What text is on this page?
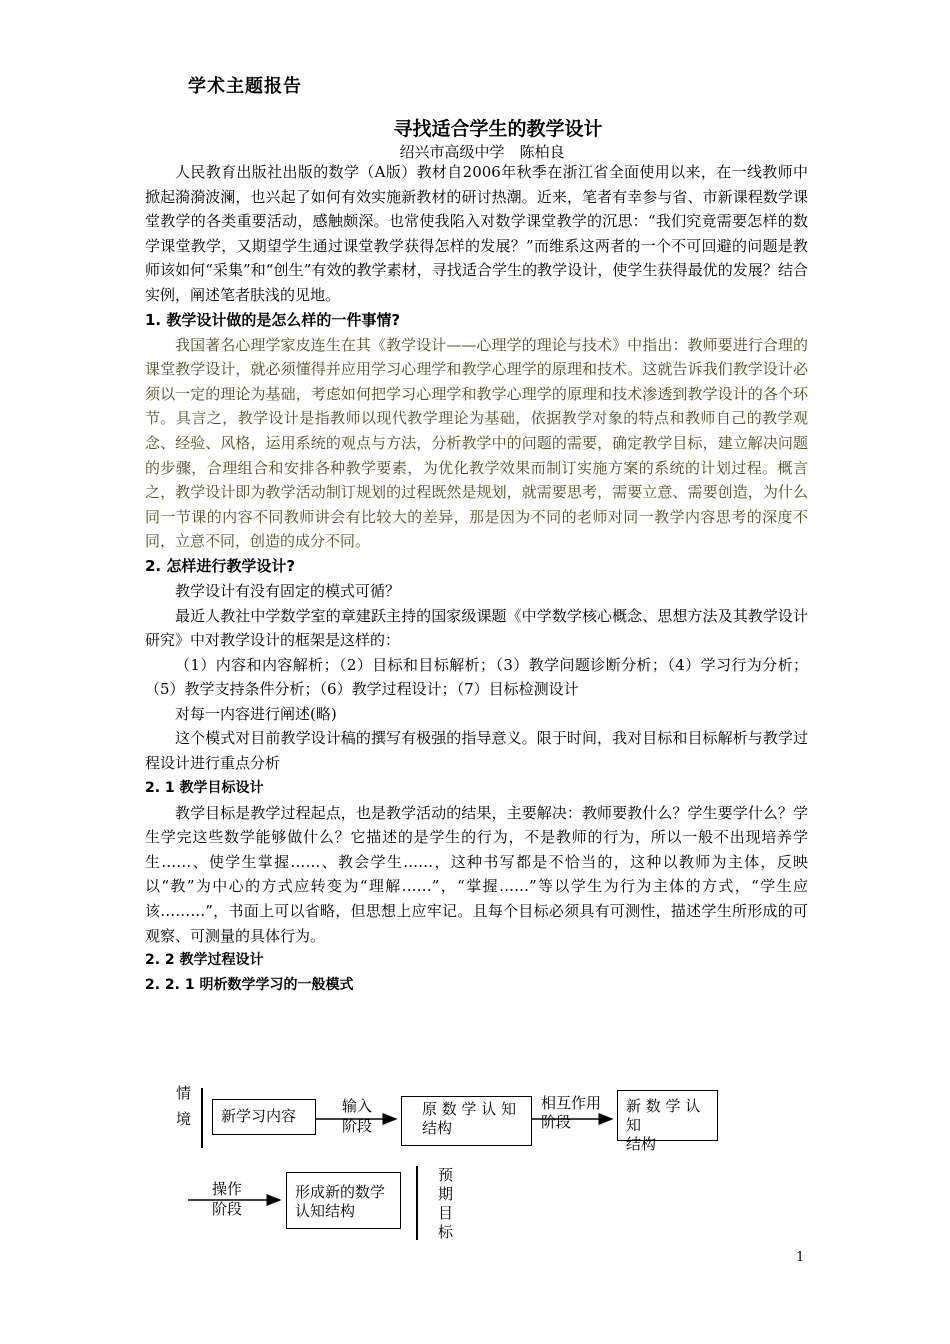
学术主题报告
寻找适合学生的教学设计
绍兴市高级中学　陈柏良

人民教育出版社出版的数学（A版）教材自2006年秋季在浙江省全面使用以来，在一线教师中掀起漪漪波澜，也兴起了如何有效实施新教材的研讨热潮。近来，笔者有幸参与省、市新课程数学课堂教学的各类重要活动，感触颇深。也常使我陷入对数学课堂教学的沉思：“我们究竟需要怎样的数学课堂教学，又期望学生通过课堂教学获得怎样的发展？”而维系这两者的一个不可回避的问题是教师该如何“采集”和“创生”有效的教学素材，寻找适合学生的教学设计，使学生获得最优的发展？结合实例，阐述笔者肤浅的见地。

1. 教学设计做的是怎么样的一件事情?

我国著名心理学家皮连生在其《教学设计——心理学的理论与技术》中指出：教师要进行合理的课堂教学设计，就必须懂得并应用学习心理学和教学心理学的原理和技术。这就告诉我们教学设计必须以一定的理论为基础，考虑如何把学习心理学和教学心理学的原理和技术渗透到教学设计的各个环节。具言之，教学设计是指教师以现代教学理论为基础，依据教学对象的特点和教师自己的教学观念、经验、风格，运用系统的观点与方法，分析教学中的问题的需要，确定教学目标，建立解决问题的步骤，合理组合和安排各种教学要素，为优化教学效果而制订实施方案的系统的计划过程。概言之，教学设计即为教学活动制订规划的过程既然是规划，就需要思考，需要立意、需要创造，为什么同一节课的内容不同教师讲会有比较大的差异，那是因为不同的老师对同一教学内容思考的深度不同，立意不同，创造的成分不同。

2. 怎样进行教学设计?

教学设计有没有固定的模式可循？

最近人教社中学数学室的章建跃主持的国家级课题《中学数学核心概念、思想方法及其教学设计研究》中对教学设计的框架是这样的：

（1）内容和内容解析；（2）目标和目标解析；（3）教学问题诊断分析；（4）学习行为分析；（5）教学支持条件分析；（6）教学过程设计；（7）目标检测设计

对每一内容进行阐述(略)

这个模式对目前教学设计稿的撰写有极强的指导意义。限于时间，我对目标和目标解析与教学过程设计进行重点分析

2. 1 教学目标设计

教学目标是教学过程起点，也是教学活动的结果，主要解决：教师要教什么？学生要学什么？学生学完这些数学能够做什么？它描述的是学生的行为，不是教师的行为，所以一般不出现培养学生……、使学生掌握……、教会学生……，这种书写都是不恰当的，这种以教师为主体，反映以“教”为中心的方式应转变为“理解……”，“掌握……”等以学生为行为主体的方式，“学生应该………”，书面上可以省略，但思想上应牢记。且每个目标必须具有可测性，描述学生所形成的可观察、可测量的具体行为。

2. 2 教学过程设计

2. 2. 1 明析数学学习的一般模式

情
境	新学习内容
输入
阶段
原 数 学 认 知
结构
相互作用
阶段
新 数 学 认 知
结构
操作
阶段
形成新的数学
认知结构
预
期
目
标
1
